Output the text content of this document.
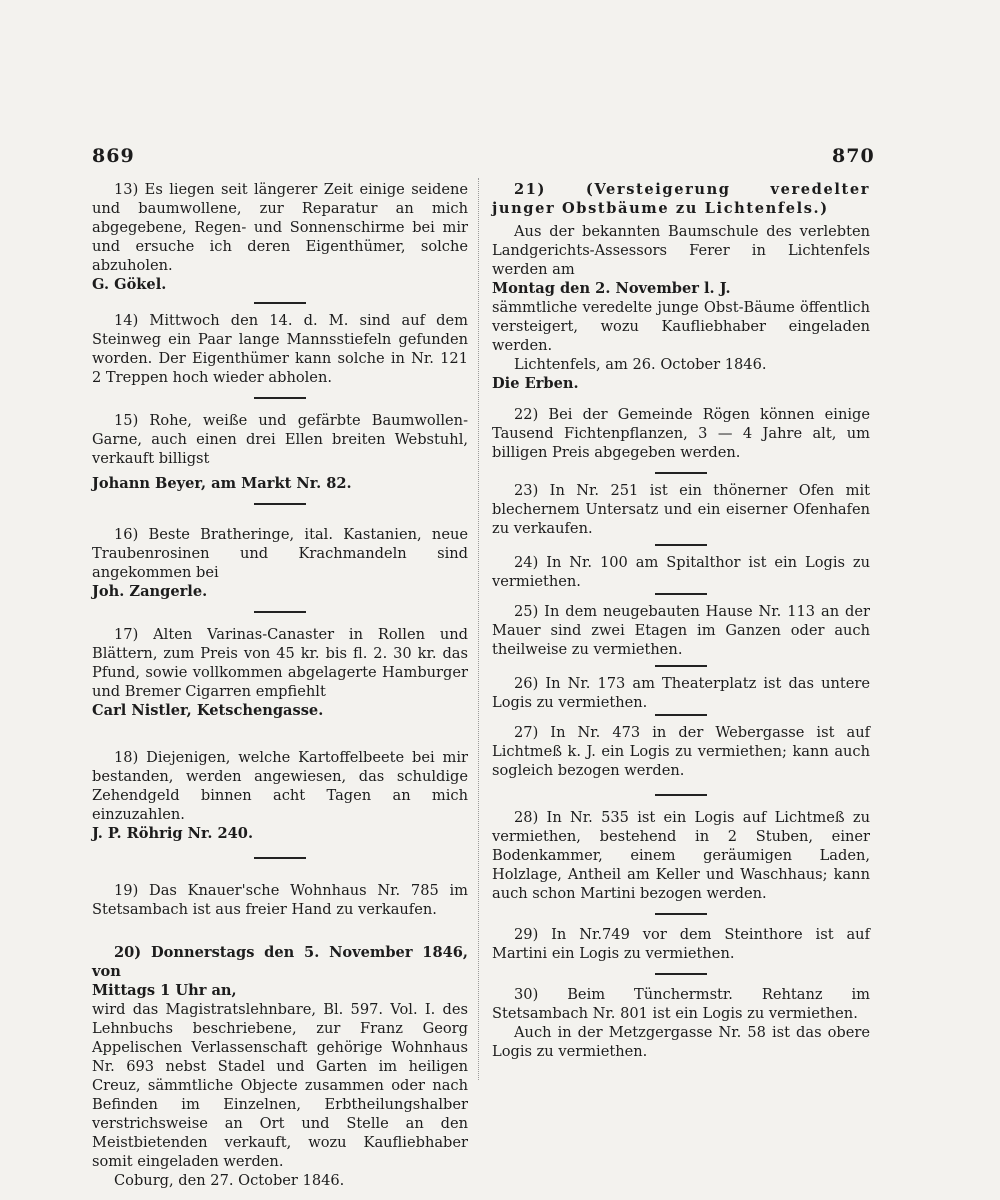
869	870

13) Es liegen seit längerer Zeit einige seidene und baumwollene, zur Reparatur an mich abgegebene, Regen- und Sonnenschirme bei mir und ersuche ich deren Eigenthümer, solche abzuholen.

G. Gökel.

14) Mittwoch den 14. d. M. sind auf dem Steinweg ein Paar lange Mannsstiefeln gefunden worden. Der Eigenthümer kann solche in Nr. 121 2 Treppen hoch wieder abholen.

15) Rohe, weiße und gefärbte Baumwollen-Garne, auch einen drei Ellen breiten Webstuhl, verkauft billigst

Johann Beyer, am Markt Nr. 82.

16) Beste Bratheringe, ital. Kastanien, neue Traubenrosinen und Krachmandeln sind angekommen bei

Joh. Zangerle.

17) Alten Varinas-Canaster in Rollen und Blättern, zum Preis von 45 kr. bis fl. 2. 30 kr. das Pfund, sowie vollkommen abgelagerte Hamburger und Bremer Cigarren empfiehlt

Carl Nistler, Ketschengasse.

18) Diejenigen, welche Kartoffelbeete bei mir bestanden, werden angewiesen, das schuldige Zehendgeld binnen acht Tagen an mich einzuzahlen.

J. P. Röhrig Nr. 240.

19) Das Knauer'sche Wohnhaus Nr. 785 im Stetsambach ist aus freier Hand zu verkaufen.

20) Donnerstags den 5. November 1846, von

Mittags 1 Uhr an,

wird das Magistratslehnbare, Bl. 597. Vol. I. des Lehnbuchs beschriebene, zur Franz Georg Appelischen Verlassenschaft gehörige Wohnhaus Nr. 693 nebst Stadel und Garten im heiligen Creuz, sämmtliche Objecte zusammen oder nach Befinden im Einzelnen, Erbtheilungshalber verstrichsweise an Ort und Stelle an den Meistbietenden verkauft, wozu Kaufliebhaber somit eingeladen werden.

Coburg, den 27. October 1846.

21) (Versteigerung veredelter junger Obstbäume zu Lichtenfels.)

Aus der bekannten Baumschule des verlebten Landgerichts-Assessors Ferer in Lichtenfels werden am

Montag den 2. November l. J.

sämmtliche veredelte junge Obst-Bäume öffentlich versteigert, wozu Kaufliebhaber eingeladen werden.

Lichtenfels, am 26. October 1846.

Die Erben.

22) Bei der Gemeinde Rögen können einige Tausend Fichtenpflanzen, 3 — 4 Jahre alt, um billigen Preis abgegeben werden.

23) In Nr. 251 ist ein thönerner Ofen mit blechernem Untersatz und ein eiserner Ofenhafen zu verkaufen.

24) In Nr. 100 am Spitalthor ist ein Logis zu vermiethen.

25) In dem neugebauten Hause Nr. 113 an der Mauer sind zwei Etagen im Ganzen oder auch theilweise zu vermiethen.

26) In Nr. 173 am Theaterplatz ist das untere Logis zu vermiethen.

27) In Nr. 473 in der Webergasse ist auf Lichtmeß k. J. ein Logis zu vermiethen; kann auch sogleich bezogen werden.

28) In Nr. 535 ist ein Logis auf Lichtmeß zu vermiethen, bestehend in 2 Stuben, einer Bodenkammer, einem geräumigen Laden, Holzlage, Antheil am Keller und Waschhaus; kann auch schon Martini bezogen werden.

29) In Nr.749 vor dem Steinthore ist auf Martini ein Logis zu vermiethen.

30) Beim Tünchermstr. Rehtanz im Stetsambach Nr. 801 ist ein Logis zu vermiethen.

Auch in der Metzgergasse Nr. 58 ist das obere Logis zu vermiethen.
